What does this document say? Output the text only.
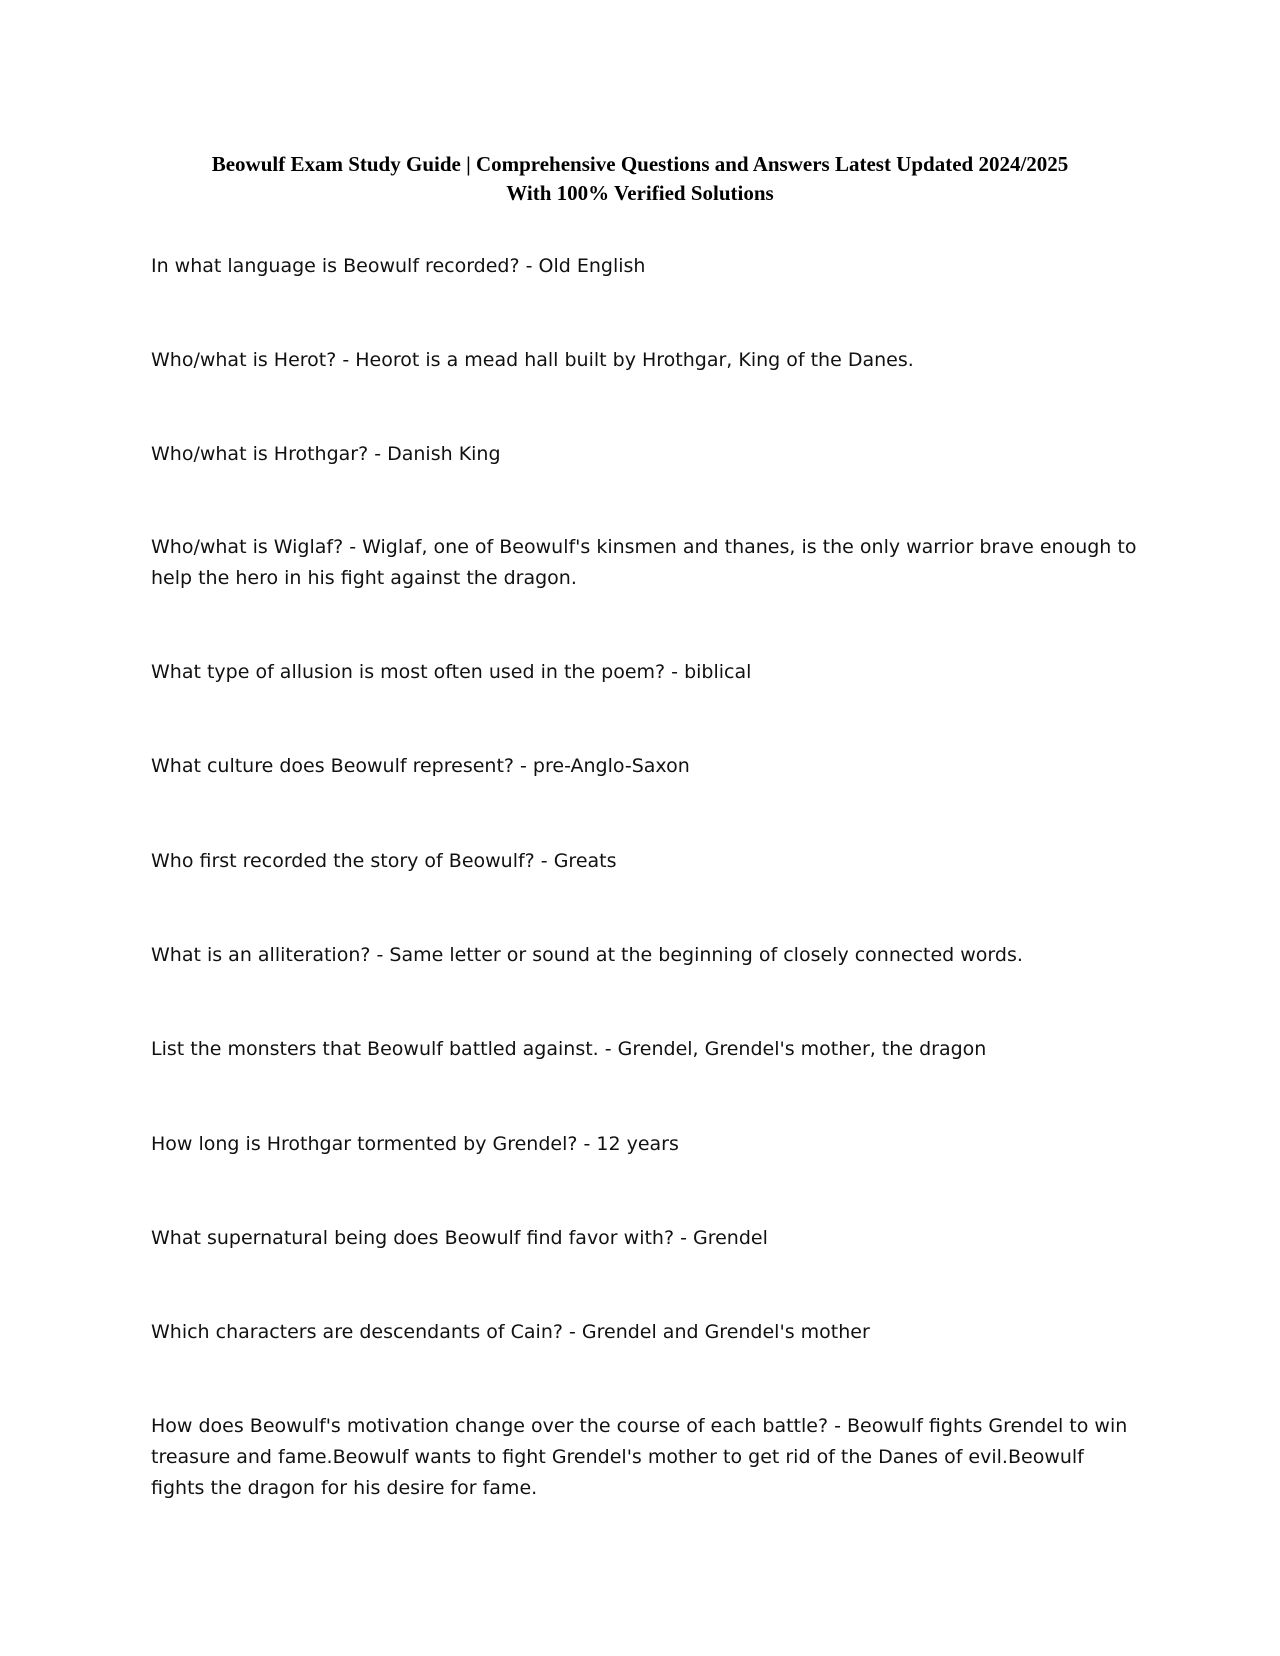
Beowulf Exam Study Guide | Comprehensive Questions and Answers Latest Updated 2024/2025
With 100% Verified Solutions

In what language is Beowulf recorded? - Old English

Who/what is Herot? - Heorot is a mead hall built by Hrothgar, King of the Danes.

Who/what is Hrothgar? - Danish King

Who/what is Wiglaf? - Wiglaf, one of Beowulf's kinsmen and thanes, is the only warrior brave enough to help the hero in his fight against the dragon.

What type of allusion is most often used in the poem? - biblical

What culture does Beowulf represent? - pre-Anglo-Saxon

Who first recorded the story of Beowulf? - Greats

What is an alliteration? - Same letter or sound at the beginning of closely connected words.

List the monsters that Beowulf battled against. - Grendel, Grendel's mother, the dragon

How long is Hrothgar tormented by Grendel? - 12 years

What supernatural being does Beowulf find favor with? - Grendel

Which characters are descendants of Cain? - Grendel and Grendel's mother

How does Beowulf's motivation change over the course of each battle? - Beowulf fights Grendel to win treasure and fame.Beowulf wants to fight Grendel's mother to get rid of the Danes of evil.Beowulf fights the dragon for his desire for fame.
